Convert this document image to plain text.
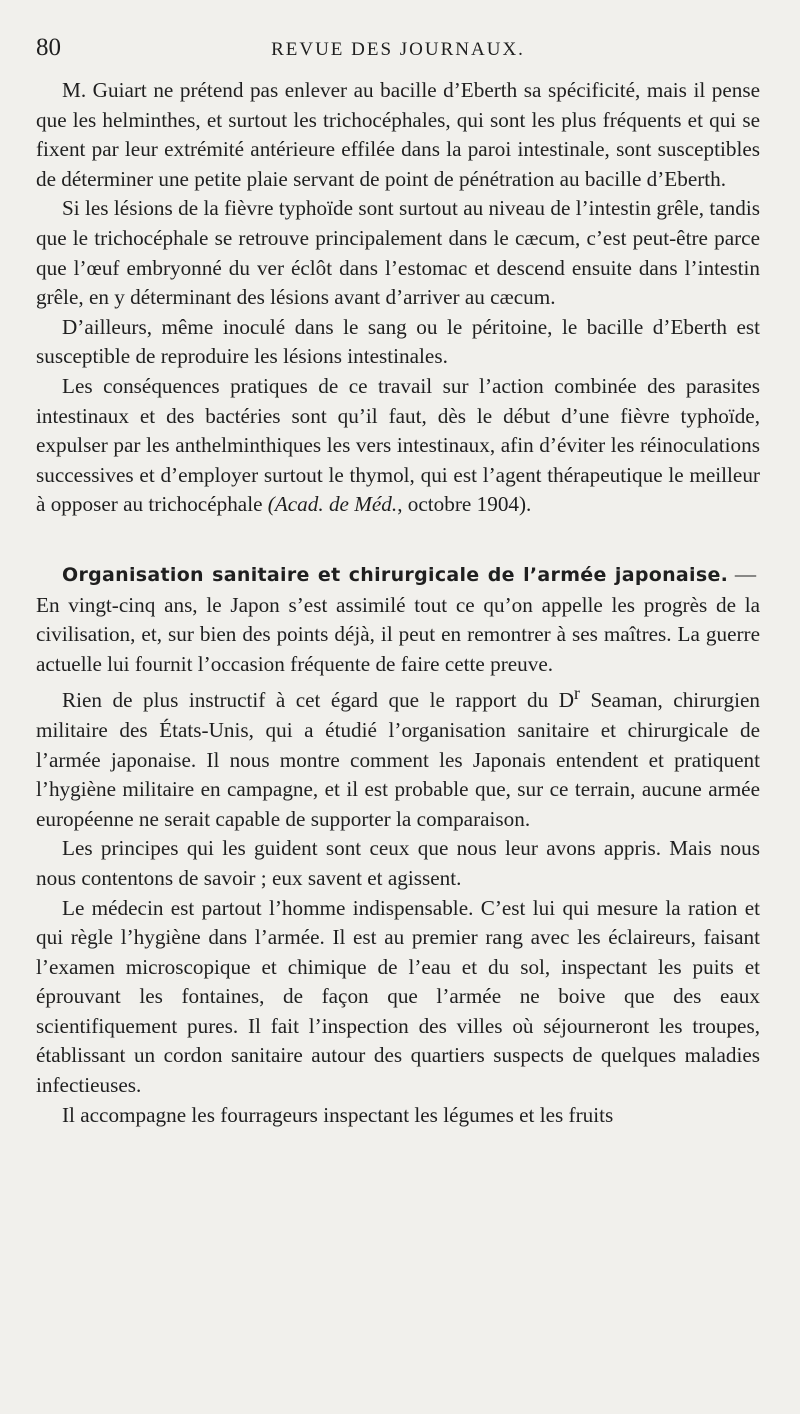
80	REVUE DES JOURNAUX.

M. Guiart ne prétend pas enlever au bacille d’Eberth sa spécificité, mais il pense que les helminthes, et surtout les trichocéphales, qui sont les plus fréquents et qui se fixent par leur extrémité antérieure effilée dans la paroi intestinale, sont susceptibles de déterminer une petite plaie servant de point de pénétration au bacille d’Eberth.

Si les lésions de la fièvre typhoïde sont surtout au niveau de l’intestin grêle, tandis que le trichocéphale se retrouve principalement dans le cæcum, c’est peut-être parce que l’œuf embryonné du ver éclôt dans l’estomac et descend ensuite dans l’intestin grêle, en y déterminant des lésions avant d’arriver au cæcum.

D’ailleurs, même inoculé dans le sang ou le péritoine, le bacille d’Eberth est susceptible de reproduire les lésions intestinales.

Les conséquences pratiques de ce travail sur l’action combinée des parasites intestinaux et des bactéries sont qu’il faut, dès le début d’une fièvre typhoïde, expulser par les anthelminthiques les vers intestinaux, afin d’éviter les réinoculations successives et d’employer surtout le thymol, qui est l’agent thérapeutique le meilleur à opposer au trichocéphale (Acad. de Méd., octobre 1904).

Organisation sanitaire et chirurgicale de l’armée japonaise. —En vingt-cinq ans, le Japon s’est assimilé tout ce qu’on appelle les progrès de la civilisation, et, sur bien des points déjà, il peut en remontrer à ses maîtres. La guerre actuelle lui fournit l’occasion fréquente de faire cette preuve.

Rien de plus instructif à cet égard que le rapport du $D^r$ Seaman, chirurgien militaire des États-Unis, qui a étudié l’organisation sanitaire et chirurgicale de l’armée japonaise. Il nous montre comment les Japonais entendent et pratiquent l’hygiène militaire en campagne, et il est probable que, sur ce terrain, aucune armée européenne ne serait capable de supporter la comparaison.

Les principes qui les guident sont ceux que nous leur avons appris. Mais nous nous contentons de savoir ; eux savent et agissent.

Le médecin est partout l’homme indispensable. C’est lui qui mesure la ration et qui règle l’hygiène dans l’armée. Il est au premier rang avec les éclaireurs, faisant l’examen microscopique et chimique de l’eau et du sol, inspectant les puits et éprouvant les fontaines, de façon que l’armée ne boive que des eaux scientifiquement pures. Il fait l’inspection des villes où séjourneront les troupes, établissant un cordon sanitaire autour des quartiers suspects de quelques maladies infectieuses.

Il accompagne les fourrageurs inspectant les légumes et les fruits
